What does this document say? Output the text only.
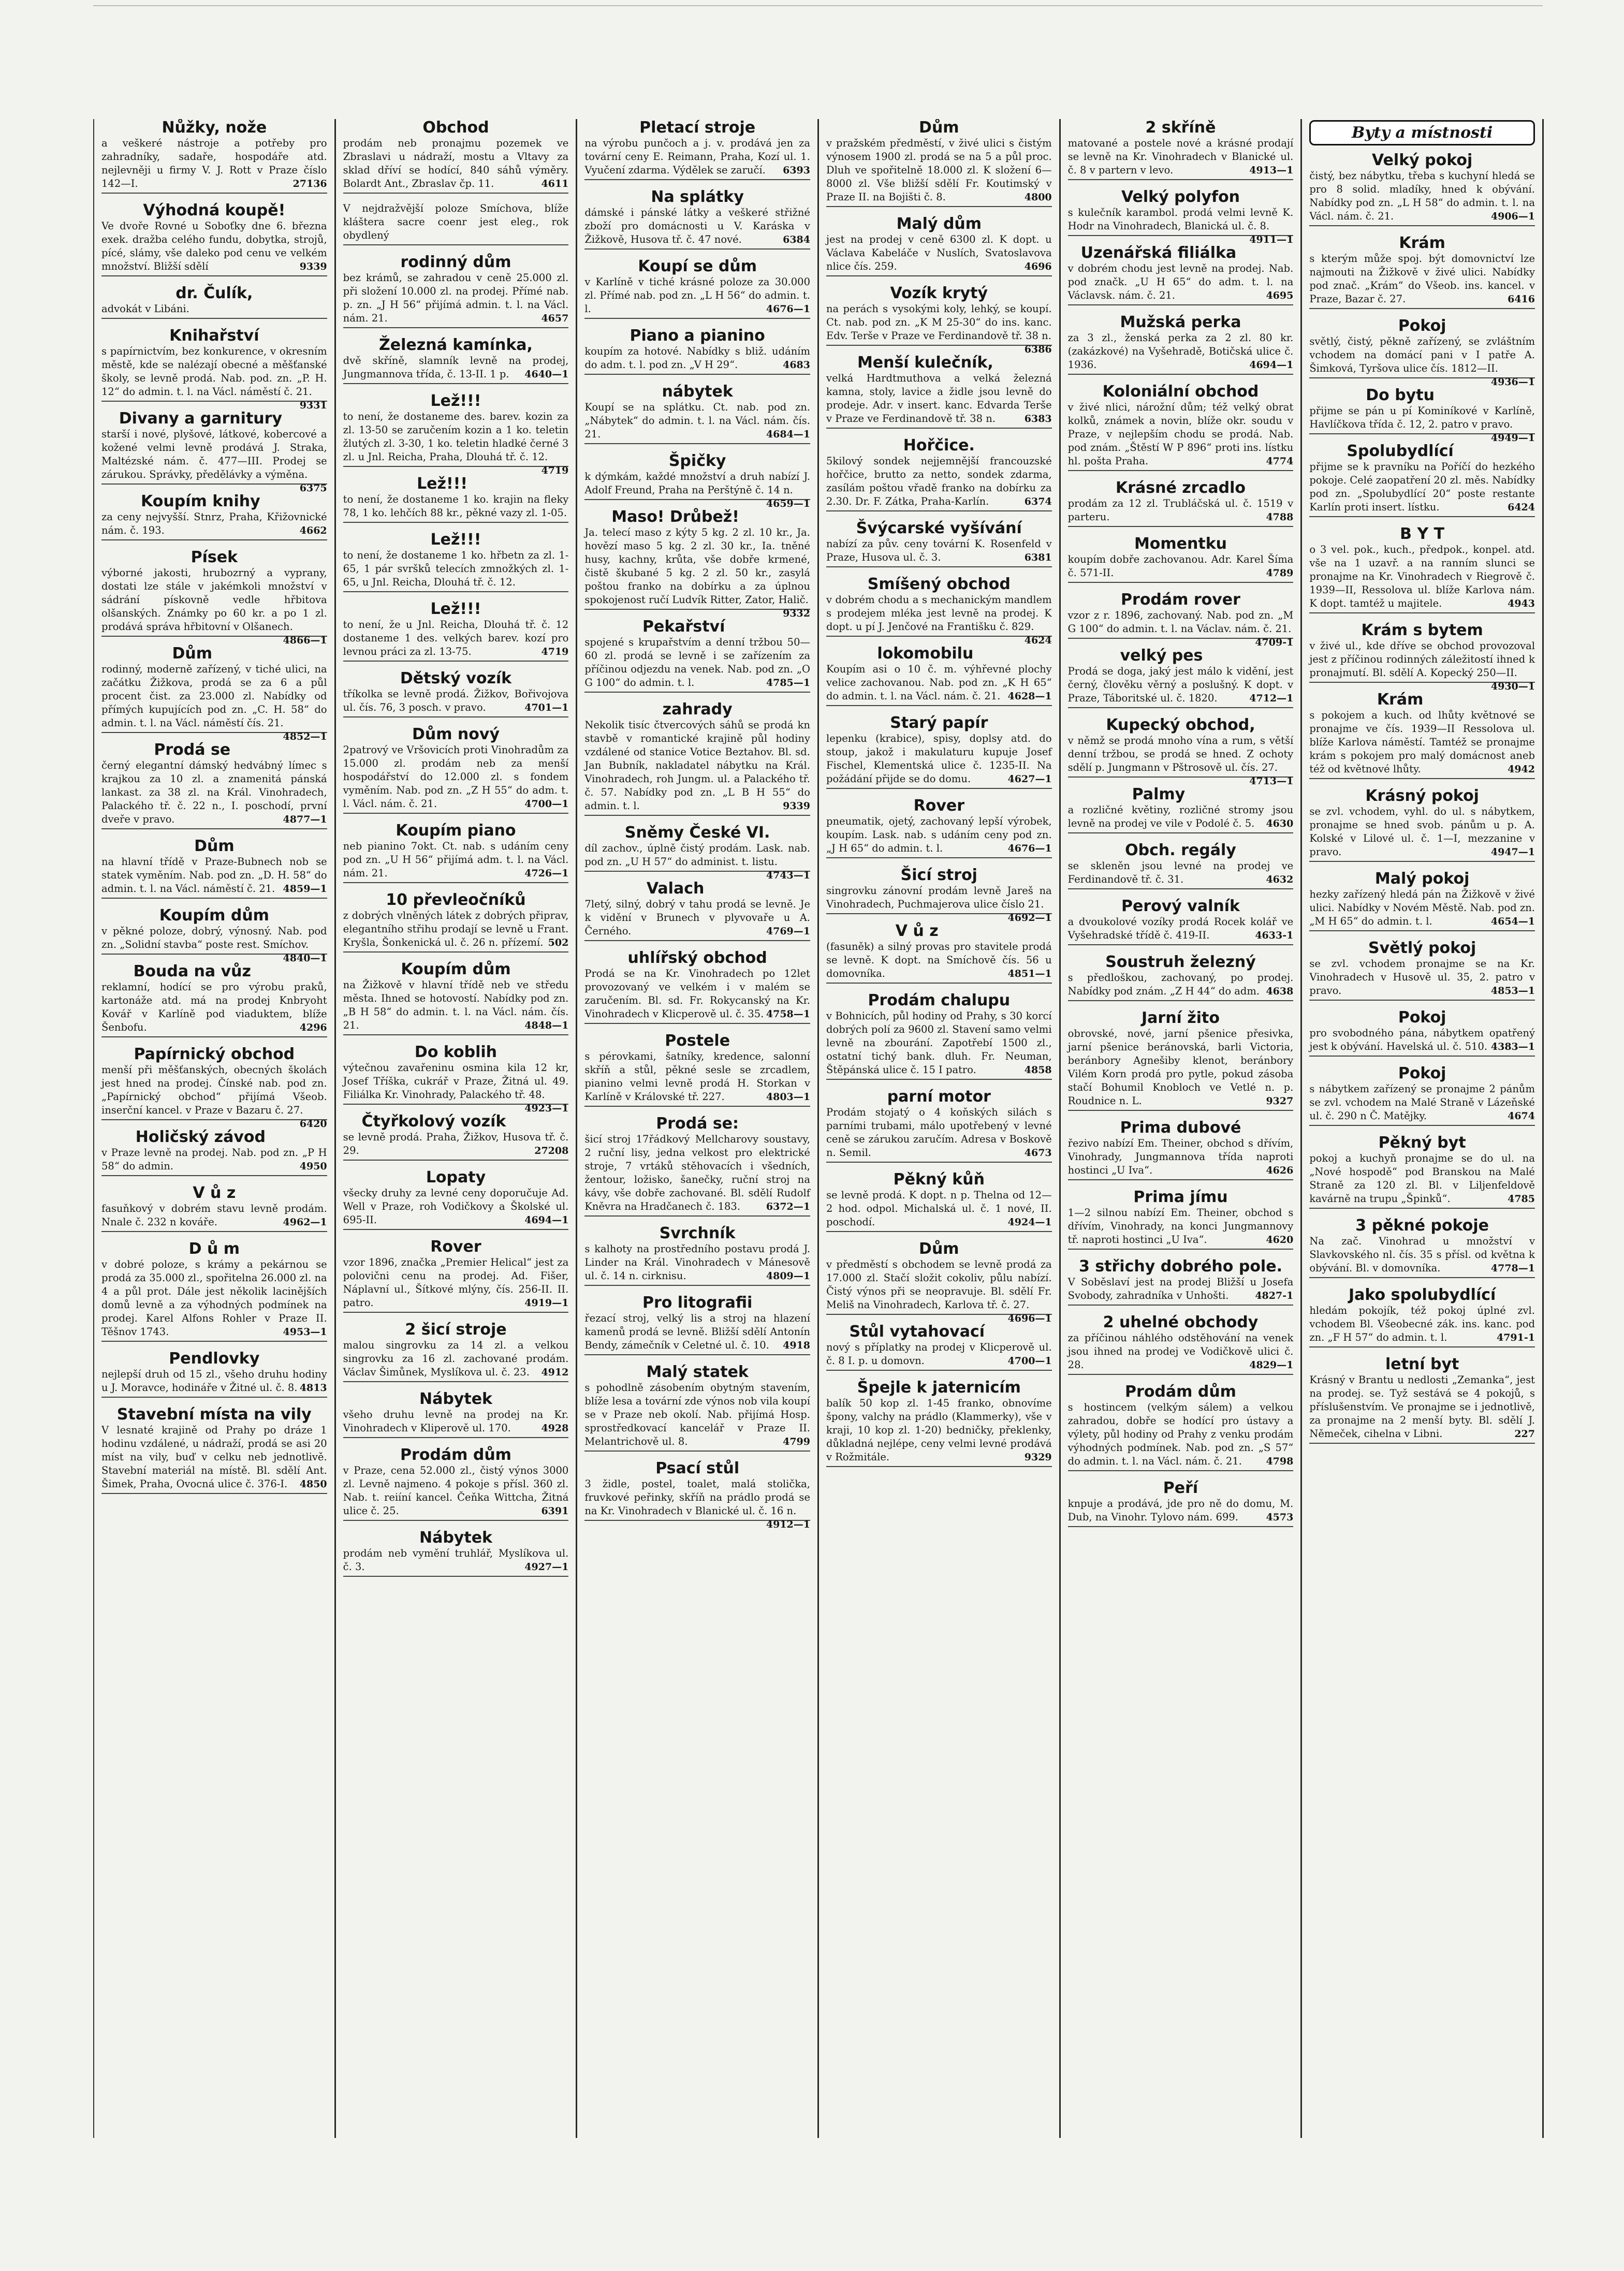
Nůžky, nože

a veškeré nástroje a potřeby pro zahradníky, sadaře, hospodáře atd. nejlevněji u firmy V. J. Rott v Praze číslo 142—I.	27136

Výhodná koupě!

Ve dvoře Rovné u Soboťky dne 6. března exek. dražba celého fundu, dobytka, strojů, pícé, slámy, vše daleko pod cenu ve velkém množství. Bližší sdělí	9339

dr. Čulík,

advokát v Libáni.

Knihařství

s papírnictvím, bez konkurence, v okresním městě, kde se nalézají obecné a měšťanské školy, se levně prodá. Nab. pod. zn. „P. H. 12“ do admin. t. l. na Václ. náměstí č. 21.
9331

Divany a garnitury

starší i nové, plyšové, látkové, kobercové a kožené velmi levně prodává J. Straka, Maltézské nám. č. 477—III. Prodej se zárukou. Správky, předělávky a výměna.
6375

Koupím knihy

za ceny nejvyšší. Stnrz, Praha, Křižovnické nám. č. 193.	4662

Písek

výborné jakosti, hrubozrný a vyprany, dostati lze stále v jakémkoli množství v sádrání pískovně vedle hřbitova olšanských. Známky po 60 kr. a po 1 zl. prodává správa hřbitovní v Olšanech.
4866—1

Dům

rodinný, moderně zařízený, v tiché ulici, na začátku Žižkova, prodá se za 6 a půl procent čist. za 23.000 zl. Nabídky od přímých kupujících pod zn. „C. H. 58“ do admin. t. l. na Václ. náměstí čís. 21.
4852—1

Prodá se

černý elegantní dámský hedvábný límec s krajkou za 10 zl. a znamenitá pánská lankast. za 38 zl. na Král. Vinohradech, Palackého tř. č. 22 n., I. poschodí, první dveře v pravo.	4877—1

Dům

na hlavní třídě v Praze-Bubnech nob se statek vyměním. Nab. pod zn. „D. H. 58“ do admin. t. l. na Václ. náměstí č. 21. 4859—1

Koupím dům

v pěkné poloze, dobrý, výnosný. Nab. pod zn. „Solidní stavba“ poste rest. Smíchov.
4840—1

Bouda na vůz

reklamní, hodící se pro výrobu praků, kartonáže atd. má na prodej Knbryoht Kovář v Karlíně pod viaduktem, blíže Šenbofu.	4296

Papírnický obchod

menší při měšťanských, obecných školách jest hned na prodej. Čínské nab. pod zn. „Papírnický obchod“ přijímá Všeob. inserční kancel. v Praze v Bazaru č. 27.
6420

Holičský závod

v Praze levně na prodej. Nab. pod zn. „P H 58“ do admin.	4950

V ů z

fasuňkový v dobrém stavu levně prodám. Nnale č. 232 n kováře.	4962—1

D ů m

v dobré poloze, s krámy a pekárnou se prodá za 35.000 zl., spořitelna 26.000 zl. na 4 a půl prot. Dále jest několik lacinějších domů levně a za výhodných podmínek na prodej. Karel Alfons Rohler v Praze II. Těšnov 1743.	4953—1

Pendlovky

nejlepší druh od 15 zl., všeho druhu hodiny u J. Moravce, hodináře v Žitné ul. č. 8. 4813

Stavební místa na vily

V lesnaté krajině od Prahy po dráze 1 hodinu vzdálené, u nádraží, prodá se asi 20 míst na vily, buď v celku neb jednotlivě. Stavební materiál na místě. Bl. sdělí Ant. Šimek, Praha, Ovocná ulice č. 376-I. 4850

Obchod

prodám neb pronajmu pozemek ve Zbraslavi u nádraží, mostu a Vltavy za sklad dříví se hodící, 840 sáhů výměry. Bolardt Ant., Zbraslav čp. 11.	4611

V nejdražvější poloze Smíchova, blíže kláštera sacre coenr jest eleg., rok obydlený

rodinný dům

bez krámů, se zahradou v ceně 25.000 zl. při složení 10.000 zl. na prodej. Přímé nab. p. zn. „J H 56“ přijímá admin. t. l. na Václ. nám. 21.	4657

Železná kamínka,

dvě skříně, slamník levně na prodej, Jungmannova třída, č. 13-II. 1 p. 4640—1

Lež!!!

to není, že dostaneme des. barev. kozin za zl. 13-50 se zaručením kozin a 1 ko. teletin žlutých zl. 3-30, 1 ko. teletin hladké černé 3 zl. u Jnl. Reicha, Praha, Dlouhá tř. č. 12.
4719

Lež!!!

to není, že dostaneme 1 ko. krajin na fleky 78, 1 ko. lehčích 88 kr., pěkné vazy zl. 1-05.

Lež!!!

to není, že dostaneme 1 ko. hřbetn za zl. 1-65, 1 pár svršků telecích zmnožkých zl. 1-65, u Jnl. Reicha, Dlouhá tř. č. 12.

Lež!!!

to není, že u Jnl. Reicha, Dlouhá tř. č. 12 dostaneme 1 des. velkých barev. kozí pro levnou práci za zl. 13-75.	4719

Dětský vozík

tříkolka se levně prodá. Žižkov, Bořivojova ul. čís. 76, 3 posch. v pravo.	4701—1

Dům nový

2patrový ve Vršovicích proti Vinohradům za 15.000 zl. prodám neb za menší hospodářství do 12.000 zl. s fondem vyměním. Nab. pod zn. „Z H 55“ do adm. t. l. Václ. nám. č. 21.	4700—1

Koupím piano

neb pianino 7okt. Ct. nab. s udáním ceny pod zn. „U H 56“ přijímá adm. t. l. na Václ. nám. 21.	4726—1

10 převleočníků

z dobrých vlněných látek z dobrých připrav, elegantního střihu prodají se levně u Frant. Kryšla, Šonkenická ul. č. 26 n. přízemí. 502

Koupím dům

na Žižkově v hlavní třídě neb ve středu města. Ihned se hotovostí. Nabídky pod zn. „B H 58“ do admin. t. l. na Václ. nám. čís. 21.	4848—1

Do koblih

výtečnou zavařeninu osmina kila 12 kr, Josef Tříška, cukrář v Praze, Žitná ul. 49. Filiálka Kr. Vinohrady, Palackého tř. 48.
4923—1

Čtyřkolový vozík

se levně prodá. Praha, Žižkov, Husova tř. č. 29.	27208

Lopaty

všecky druhy za levné ceny doporučuje Ad. Well v Praze, roh Vodičkovy a Školské ul. 695-II.	4694—1

Rover

vzor 1896, značka „Premier Helical“ jest za polovični cenu na prodej. Ad. Fišer, Náplavní ul., Šítkové mlýny, čís. 256-II. II. patro.	4919—1

2 šicí stroje

malou singrovku za 14 zl. a velkou singrovku za 16 zl. zachované prodám. Václav Šimůnek, Myslíkova ul. č. 23. 4912

Nábytek

všeho druhu levně na prodej na Kr. Vinohradech v Kliperově ul. 170.	4928

Prodám dům

v Praze, cena 52.000 zl., čistý výnos 3000 zl. Levně najmeno. 4 pokoje s přísl. 360 zl. Nab. t. reiíní kancel. Čeňka Wittcha, Žitná ulice č. 25.	6391

Nábytek

prodám neb vymění truhlář, Myslíkova ul. č. 3.	4927—1

Pletací stroje

na výrobu punčoch a j. v. prodává jen za tovární ceny E. Reimann, Praha, Kozí ul. 1. Vyučení zdarma. Výdělek se zaručí. 6393

Na splátky

dámské i pánské látky a veškeré střižné zboží pro domácnosti u V. Karáska v Žižkově, Husova tř. č. 47 nové.	6384

Koupí se dům

v Karlíně v tiché krásné poloze za 30.000 zl. Přímé nab. pod zn. „L H 56“ do admin. t. l.	4676—1

Piano a pianino

koupím za hotové. Nabídky s bliž. udáním do adm. t. l. pod zn. „V H 29“.	4683

nábytek

Koupí se na splátku. Ct. nab. pod zn. „Nábytek“ do admin. t. l. na Václ. nám. čís. 21.	4684—1

Špičky

k dýmkám, každé množství a druh nabízí J. Adolf Freund, Praha na Perštýně č. 14 n.
4659—1

Maso! Drůbež!

Ja. telecí maso z kýty 5 kg. 2 zl. 10 kr., Ja. hovězí maso 5 kg. 2 zl. 30 kr., Ia. tněné husy, kachny, krůta, vše dobře krmené, čistě škubané 5 kg. 2 zl. 50 kr., zasylá poštou franko na dobírku a za úplnou spokojenost ručí Ludvík Ritter, Zator, Halič.
9332

Pekařství

spojené s krupařstvím a denní tržbou 50—60 zl. prodá se levně i se zařízením za příčinou odjezdu na venek. Nab. pod zn. „O G 100“ do admin. t. l.	4785—1

zahrady

Nekolik tisíc čtvercových sáhů se prodá kn stavbě v romantické krajině půl hodiny vzdálené od stanice Votice Beztahov. Bl. sd. Jan Bubník, nakladatel nábytku na Král. Vinohradech, roh Jungm. ul. a Palackého tř. č. 57. Nabídky pod zn. „L B H 55“ do admin. t. l.	9339

Sněmy České VI.

díl zachov., úplně čistý prodám. Lask. nab. pod zn. „U H 57“ do administ. t. listu.
4743—1

Valach

7letý, silný, dobrý v tahu prodá se levně. Je k vidění v Brunech v plyvovaře u A. Černého.	4769—1

uhlířský obchod

Prodá se na Kr. Vinohradech po 12let provozovaný ve velkém i v malém se zaručením. Bl. sd. Fr. Rokycanský na Kr. Vinohradech v Klicperově ul. č. 35. 4758—1

Postele

s pérovkami, šatníky, kredence, salonní skříň a stůl, pěkné sesle se zrcadlem, pianino velmi levně prodá H. Storkan v Karlíně v Královské tř. 227.	4803—1

Prodá se:

šicí stroj 17řádkový Mellcharovy soustavy, 2 ruční lisy, jedna velkost pro elektrické stroje, 7 vrtáků stěhovacích i všedních, žentour, ložisko, šanečky, ruční stroj na kávy, vše dobře zachované. Bl. sdělí Rudolf Kněvra na Hradčanech č. 183.	6372—1

Svrchník

s kalhoty na prostředního postavu prodá J. Linder na Král. Vinohradech v Mánesově ul. č. 14 n. cirknisu.	4809—1

Pro litografii

řezací stroj, velký lis a stroj na hlazení kamenů prodá se levně. Bližší sdělí Antonín Bendy, zámečník v Celetné ul. č. 10. 4918

Malý statek

s pohodlně zásobením obytným stavením, blíže lesa a tovární zde výnos nob vila koupí se v Praze neb okolí. Nab. přijímá Hosp. sprostředkovací kancelář v Praze II. Melantrichově ul. 8.	4799

Psací stůl

3 židle, postel, toalet, malá stolička, fruvkové peřinky, skříň na prádlo prodá se na Kr. Vinohradech v Blanické ul. č. 16 n.
4912—1

Dům

v pražském předměstí, v živé ulici s čistým výnosem 1900 zl. prodá se na 5 a půl proc. Dluh ve spořitelně 18.000 zl. K složení 6—8000 zl. Vše bližší sdělí Fr. Koutimský v Praze II. na Bojišti č. 8.	4800

Malý dům

jest na prodej v ceně 6300 zl. K dopt. u Václava Kabeláče v Nuslích, Svatoslavova nlice čís. 259.	4696

Vozík krytý

na perách s vysokými koly, lehký, se koupí. Ct. nab. pod zn. „K M 25-30“ do ins. kanc. Edv. Terše v Praze ve Ferdinandově tř. 38 n.
6386

Menší kulečník,

velká Hardtmuthova a velká železná kamna, stoly, lavice a židle jsou levně do prodeje. Adr. v insert. kanc. Edvarda Terše v Praze ve Ferdinandově tř. 38 n.	6383

Hořčice.

5kilový sondek nejjemnější francouzské hořčice, brutto za netto, sondek zdarma, zasílám poštou vřadě franko na dobírku za 2.30. Dr. F. Zátka, Praha-Karlín.	6374

Švýcarské vyšívání

nabízí za pův. ceny tovární K. Rosenfeld v Praze, Husova ul. č. 3.	6381

Smíšený obchod

v dobrém chodu a s mechanickým mandlem s prodejem mléka jest levně na prodej. K dopt. u pí J. Jenčové na Františku č. 829.
4624

lokomobilu

Koupím asi o 10 č. m. výhřevné plochy velice zachovanou. Nab. pod zn. „K H 65“ do admin. t. l. na Václ. nám. č. 21. 4628—1

Starý papír

lepenku (krabice), spisy, doplsy atd. do stoup, jakož i makulaturu kupuje Josef Fischel, Klementská ulice č. 1235-II. Na požádání přijde se do domu.	4627—1

Rover

pneumatik, ojetý, zachovaný lepší výrobek, koupím. Lask. nab. s udáním ceny pod zn. „J H 65“ do admin. t. l.	4676—1

Šicí stroj

singrovku zánovní prodám levně Jareš na Vinohradech, Puchmajerova ulice číslo 21.
4692—1

V ů z

(fasuněk) a silný provas pro stavitele prodá se levně. K dopt. na Smíchově čís. 56 u domovníka.	4851—1

Prodám chalupu

v Bohnicích, půl hodiny od Prahy, s 30 korcí dobrých polí za 9600 zl. Stavení samo velmi levně na zbourání. Zapotřebí 1500 zl., ostatní tichý bank. dluh. Fr. Neuman, Štěpánská ulice č. 15 I patro.	4858

parní motor

Prodám stojatý o 4 koňských silách s parními trubami, málo upotřebený v levné ceně se zárukou zaručím. Adresa v Boskově n. Semil.	4673

Pěkný kůň

se levně prodá. K dopt. n p. Thelna od 12—2 hod. odpol. Michalská ul. č. 1 nové, II. poschodí.	4924—1

Dům

v předměstí s obchodem se levně prodá za 17.000 zl. Stačí složit cokoliv, půlu nabízí. Čistý výnos při se neopravuje. Bl. sdělí Fr. Meliš na Vinohradech, Karlova tř. č. 27.
4696—1

Stůl vytahovací

nový s příplatky na prodej v Klicperově ul. č. 8 I. p. u domovn.	4700—1

Špejle k jaternicím

balík 50 kop zl. 1-45 franko, obnovíme špony, valchy na prádlo (Klammerky), vše v kraji, 10 kop zl. 1-20) bedničky, překlenky, důkladná nejlépe, ceny velmi levné prodává v Rožmitále.	9329

2 skříně

matované a postele nové a krásné prodají se levně na Kr. Vinohradech v Blanické ul. č. 8 v partern v levo.	4913—1

Velký polyfon

s kulečník karambol. prodá velmi levně K. Hodr na Vinohradech, Blanická ul. č. 8.
4911—1

Uzenářská filiálka

v dobrém chodu jest levně na prodej. Nab. pod značk. „U H 65“ do adm. t. l. na Václavsk. nám. č. 21.	4695

Mužská perka

za 3 zl., ženská perka za 2 zl. 80 kr. (zakázkové) na Vyšehradě, Botičská ulice č. 1936.	4694—1

Koloniální obchod

v živé nlici, nárožní dům; též velký obrat kolků, známek a novin, blíže okr. soudu v Praze, v nejlepším chodu se prodá. Nab. pod znám. „Štěstí W P 896“ proti ins. lístku hl. pošta Praha.	4774

Krásné zrcadlo

prodám za 12 zl. Trubláčská ul. č. 1519 v parteru.	4788

Momentku

koupím dobře zachovanou. Adr. Karel Šíma č. 571-II.	4789

Prodám rover

vzor z r. 1896, zachovaný. Nab. pod zn. „M G 100“ do admin. t. l. na Václav. nám. č. 21.
4709-1

velký pes

Prodá se doga, jaký jest málo k vidění, jest černý, člověku věrný a poslušný. K dopt. v Praze, Táboritské ul. č. 1820.	4712—1

Kupecký obchod,

v němž se prodá mnoho vína a rum, s větší denní tržbou, se prodá se hned. Z ochoty sdělí p. Jungmann v Pštrosově ul. čís. 27.
4713—1

Palmy

a rozličné květiny, rozličné stromy jsou levně na prodej ve vile v Podolé č. 5. 4630

Obch. regály

se skleněn jsou levné na prodej ve Ferdinandově tř. č. 31.	4632

Perový valník

a dvoukolové vozíky prodá Rocek kolář ve Vyšehradské třídě č. 419-II.	4633-1

Soustruh železný

s předloškou, zachovaný, po prodej. Nabídky pod znám. „Z H 44“ do adm. 4638

Jarní žito

obrovské, nové, jarní pšenice přesivka, jarní pšenice beránovská, barli Victoria, beránbory Agnešiby klenot, beránbory Vilém Korn prodá pro pytle, pokud zásoba stačí Bohumil Knobloch ve Vetlé n. p. Roudnice n. L.	9327

Prima dubové

řezivo nabízí Em. Theiner, obchod s dřívím, Vinohrady, Jungmannova třída naproti hostinci „U Iva“.	4626

Prima jímu

1—2 silnou nabízí Em. Theiner, obchod s dřívím, Vinohrady, na konci Jungmannovy tř. naproti hostinci „U Iva“.	4620

3 střichy dobrého pole.

V Soběslaví jest na prodej Bližší u Josefa Svobody, zahradníka v Unhošti.	4827-1

2 uhelné obchody

za příčinou náhlého odstěhování na venek jsou ihned na prodej ve Vodičkově ulici č. 28.	4829—1

Prodám dům

s hostincem (velkým sálem) a velkou zahradou, dobře se hodící pro ústavy a výlety, půl hodiny od Prahy z venku prodám výhodných podmínek. Nab. pod zn. „S 57“ do admin. t. l. na Václ. nám. č. 21. 4798

Peří

knpuje a prodává, jde pro ně do domu, M. Dub, na Vinohr. Tylovo nám. 699.	4573

Byty a místnosti
Velký pokoj

čistý, bez nábytku, třeba s kuchyní hledá se pro 8 solid. mladíky, hned k obývání. Nabídky pod zn. „L H 58“ do admin. t. l. na Václ. nám. č. 21.	4906—1

Krám

s kterým může spoj. být domovnictví lze najmouti na Žižkově v živé ulici. Nabídky pod znač. „Krám“ do Všeob. ins. kancel. v Praze, Bazar č. 27.	6416

Pokoj

světlý, čistý, pěkně zařízený, se zvláštním vchodem na domácí pani v I patře A. Šimková, Tyršova ulice čís. 1812—II.
4936—1

Do bytu

přijme se pán u pí Kominíkové v Karlíně, Havlíčkova třída č. 12, 2. patro v pravo.
4949—1

Spolubydlící

přijme se k pravníku na Poříčí do hezkého pokoje. Celé zaopatření 20 zl. měs. Nabídky pod zn. „Spolubydlící 20“ poste restante Karlín proti insert. lístku.	6424

B Y T

o 3 vel. pok., kuch., předpok., konpel. atd. vše na 1 uzavř. a na ranním slunci se pronajme na Kr. Vinohradech v Riegrově č. 1939—II, Ressolova ul. blíže Karlova nám. K dopt. tamtéž u majitele.	4943

Krám s bytem

v živé ul., kde dříve se obchod provozoval jest z příčinou rodinných záležitostí ihned k pronajmutí. Bl. sdělí A. Kopecký 250—II.
4930—1

Krám

s pokojem a kuch. od lhůty květnové se pronajme ve čís. 1939—II Ressolova ul. blíže Karlova náměstí. Tamtéž se pronajme krám s pokojem pro malý domácnost aneb též od květnové lhůty.	4942

Krásný pokoj

se zvl. vchodem, vyhl. do ul. s nábytkem, pronajme se hned svob. pánům u p. A. Kolské v Lilové ul. č. 1—I, mezzanine v pravo.	4947—1

Malý pokoj

hezky zařízený hledá pán na Žižkově v živé ulici. Nabídky v Novém Městě. Nab. pod zn. „M H 65“ do admin. t. l.	4654—1

Světlý pokoj

se zvl. vchodem pronajme se na Kr. Vinohradech v Husově ul. 35, 2. patro v pravo.	4853—1

Pokoj

pro svobodného pána, nábytkem opatřený jest k obývání. Havelská ul. č. 510. 4383—1

Pokoj

s nábytkem zařízený se pronajme 2 pánům se zvl. vchodem na Malé Straně v Lázeňské ul. č. 290 n Č. Matějky.	4674

Pěkný byt

pokoj a kuchyň pronajme se do ul. na „Nové hospodě“ pod Branskou na Malé Straně za 120 zl. Bl. v Liljenfeldově kavárně na trupu „Špinků“.	4785

3 pěkné pokoje

Na zač. Vinohrad u množství v Slavkovského nl. čís. 35 s přísl. od května k obývání. Bl. v domovníka.	4778—1

Jako spolubydlící

hledám pokojík, též pokoj úplné zvl. vchodem Bl. Všeobecné zák. ins. kanc. pod zn. „F H 57“ do admin. t. l.	4791-1

letní byt

Krásný v Brantu u nedlosti „Zemanka“, jest na prodej. se. Tyž sestává se 4 pokojů, s příslušenstvím. Ve pronajme se i jednotlivě, za pronajme na 2 menší byty. Bl. sdělí J. Němeček, cihelna v Libni.	227
